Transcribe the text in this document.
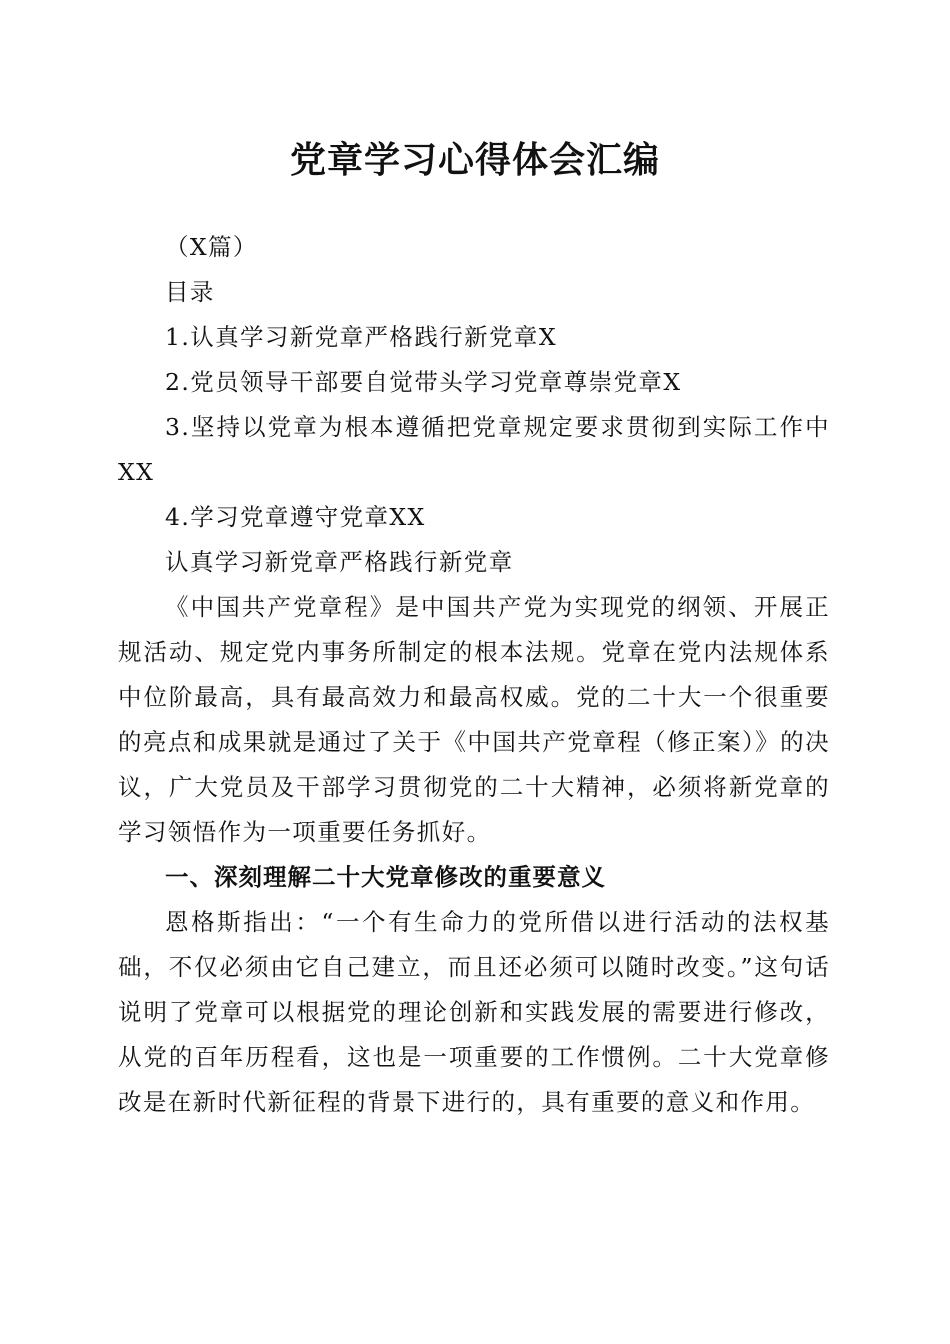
党章学习心得体会汇编

（X篇）

目录

1.认真学习新党章严格践行新党章X

2.党员领导干部要自觉带头学习党章尊崇党章X

3.坚持以党章为根本遵循把党章规定要求贯彻到实际工作中XX

4.学习党章遵守党章XX

认真学习新党章严格践行新党章

《中国共产党章程》是中国共产党为实现党的纲领、开展正规活动、规定党内事务所制定的根本法规。党章在党内法规体系中位阶最高，具有最高效力和最高权威。党的二十大一个很重要的亮点和成果就是通过了关于《中国共产党章程（修正案）》的决议，广大党员及干部学习贯彻党的二十大精神，必须将新党章的学习领悟作为一项重要任务抓好。

一、深刻理解二十大党章修改的重要意义

恩格斯指出：“一个有生命力的党所借以进行活动的法权基础，不仅必须由它自己建立，而且还必须可以随时改变。”这句话说明了党章可以根据党的理论创新和实践发展的需要进行修改，从党的百年历程看，这也是一项重要的工作惯例。二十大党章修改是在新时代新征程的背景下进行的，具有重要的意义和作用。
